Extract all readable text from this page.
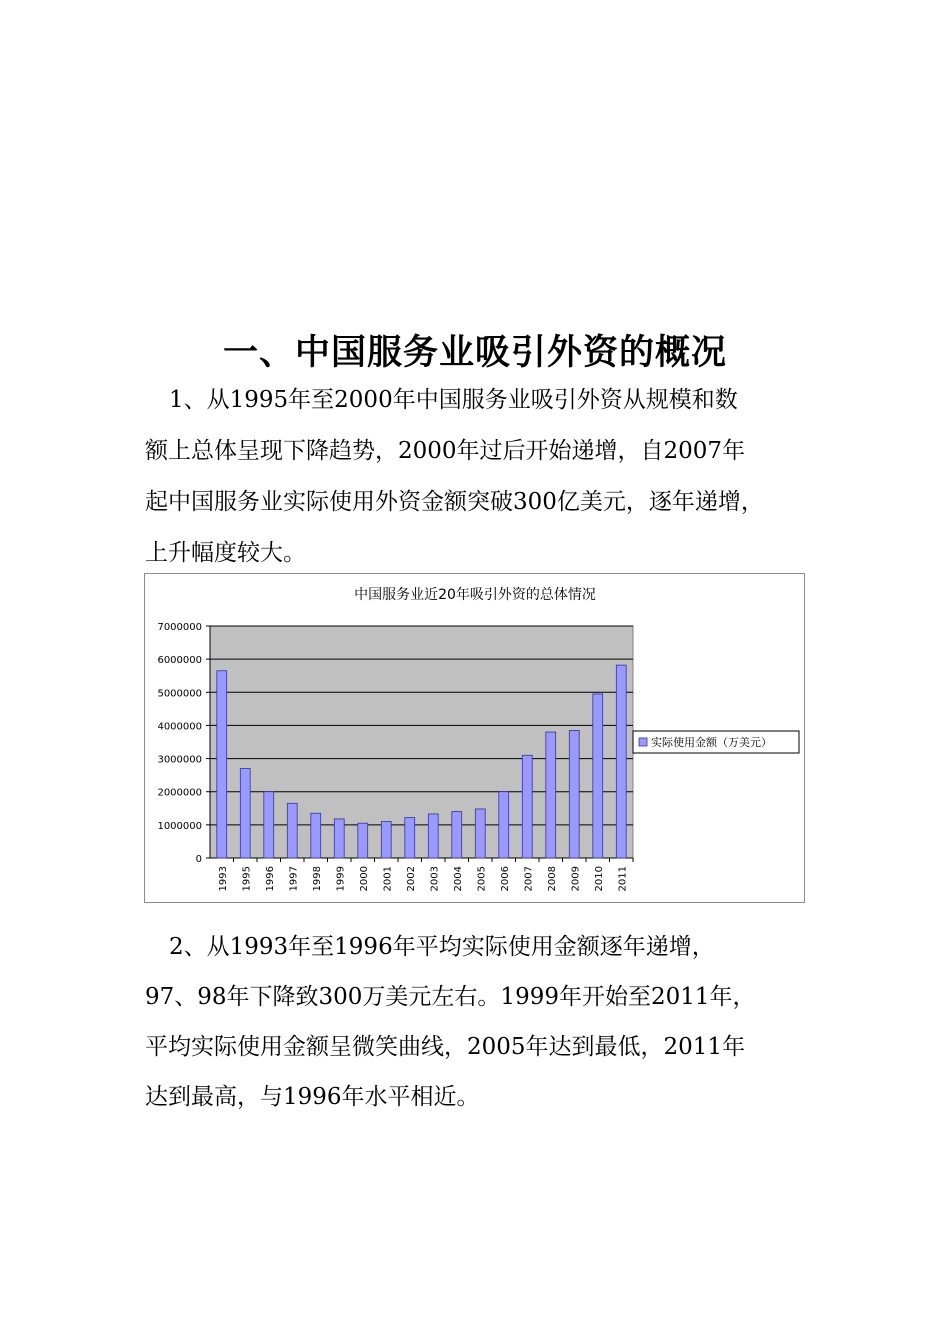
一、中国服务业吸引外资的概况
1、从1995年至2000年中国服务业吸引外资从规模和数
额上总体呈现下降趋势，2000年过后开始递增，自2007年
起中国服务业实际使用外资金额突破300亿美元，逐年递增，
上升幅度较大。
中国服务业近20年吸引外资的总体情况
7000000
6000000
5000000
4000000
3000000
2000000
1000000
0
1993 1995 1996 1997 1998 1999 2000 2001 2002 2003 2004 2005 2006 2007 2008 2009 2010 2011
实际使用金额（万美元）
2、从1993年至1996年平均实际使用金额逐年递增，
97、98年下降致300万美元左右。1999年开始至2011年，
平均实际使用金额呈微笑曲线，2005年达到最低，2011年
达到最高，与1996年水平相近。
